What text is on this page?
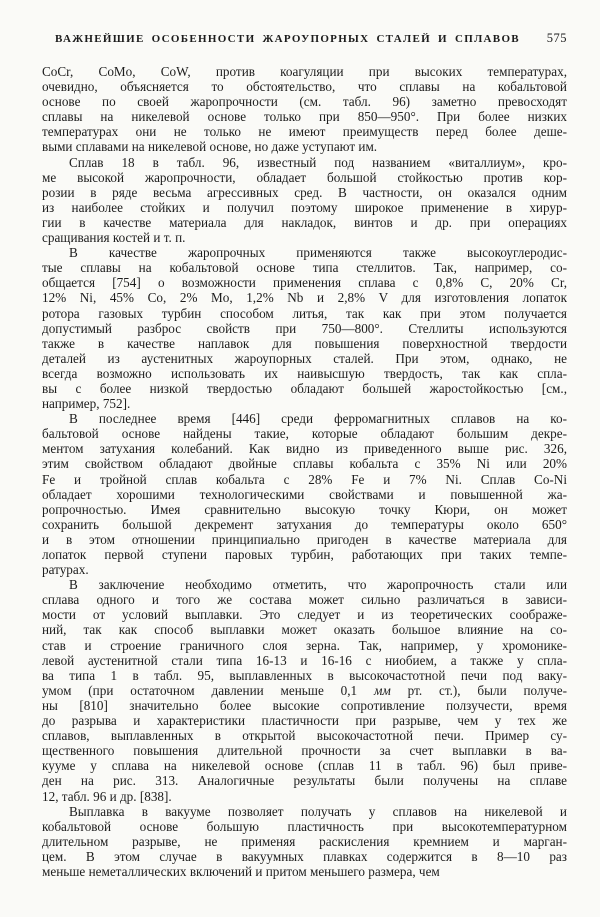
ВАЖНЕЙШИЕ ОСОБЕННОСТИ ЖАРОУПОРНЫХ СТАЛЕЙ И СПЛАВОВ	575

CoCr, CoMo, CoW, против коагуляции при высоких температурах,
очевидно, объясняется то обстоятельство, что сплавы на кобальтовой
основе по своей жаропрочности (см. табл. 96) заметно превосходят
сплавы на никелевой основе только при 850—950°. При более низких
температурах они не только не имеют преимуществ перед более деше-
выми сплавами на никелевой основе, но даже уступают им.

Сплав 18 в табл. 96, известный под названием «виталлиум», кро-
ме высокой жаропрочности, обладает большой стойкостью против кор-
розии в ряде весьма агрессивных сред. В частности, он оказался одним
из наиболее стойких и получил поэтому широкое применение в хирур-
гии в качестве материала для накладок, винтов и др. при операциях
сращивания костей и т. п.

В качестве жаропрочных применяются также высокоуглеродис-
тые сплавы на кобальтовой основе типа стеллитов. Так, например, со-
общается [754] о возможности применения сплава с 0,8% C, 20% Cr,
12% Ni, 45% Co, 2% Mo, 1,2% Nb и 2,8% V для изготовления лопаток
ротора газовых турбин способом литья, так как при этом получается
допустимый разброс свойств при 750—800°. Стеллиты используются
также в качестве наплавок для повышения поверхностной твердости
деталей из аустенитных жароупорных сталей. При этом, однако, не
всегда возможно использовать их наивысшую твердость, так как спла-
вы с более низкой твердостью обладают большей жаростойкостью [см.,
например, 752].

В последнее время [446] среди ферромагнитных сплавов на ко-
бальтовой основе найдены такие, которые обладают большим декре-
ментом затухания колебаний. Как видно из приведенного выше рис. 326,
этим свойством обладают двойные сплавы кобальта с 35% Ni или 20%
Fe и тройной сплав кобальта с 28% Fe и 7% Ni. Сплав Co-Ni
обладает хорошими технологическими свойствами и повышенной жа-
ропрочностью. Имея сравнительно высокую точку Кюри, он может
сохранить большой декремент затухания до температуры около 650°
и в этом отношении принципиально пригоден в качестве материала для
лопаток первой ступени паровых турбин, работающих при таких темпе-
ратурах.

В заключение необходимо отметить, что жаропрочность стали или
сплава одного и того же состава может сильно различаться в зависи-
мости от условий выплавки. Это следует и из теоретических соображе-
ний, так как способ выплавки может оказать большое влияние на со-
став и строение граничного слоя зерна. Так, например, у хромонике-
левой аустенитной стали типа 16-13 и 16-16 с ниобием, а также у спла-
ва типа 1 в табл. 95, выплавленных в высокочастотной печи под ваку-
умом (при остаточном давлении меньше 0,1 мм рт. ст.), были получе-
ны [810] значительно более высокие сопротивление ползучести, время
до разрыва и характеристики пластичности при разрыве, чем у тех же
сплавов, выплавленных в открытой высокочастотной печи. Пример су-
щественного повышения длительной прочности за счет выплавки в ва-
кууме у сплава на никелевой основе (сплав 11 в табл. 96) был приве-
ден на рис. 313. Аналогичные результаты были получены на сплаве
12, табл. 96 и др. [838].

Выплавка в вакууме позволяет получать у сплавов на никелевой и
кобальтовой основе большую пластичность при высокотемпературном
длительном разрыве, не применяя раскисления кремнием и марган-
цем. В этом случае в вакуумных плавках содержится в 8—10 раз
меньше неметаллических включений и притом меньшего размера, чем
